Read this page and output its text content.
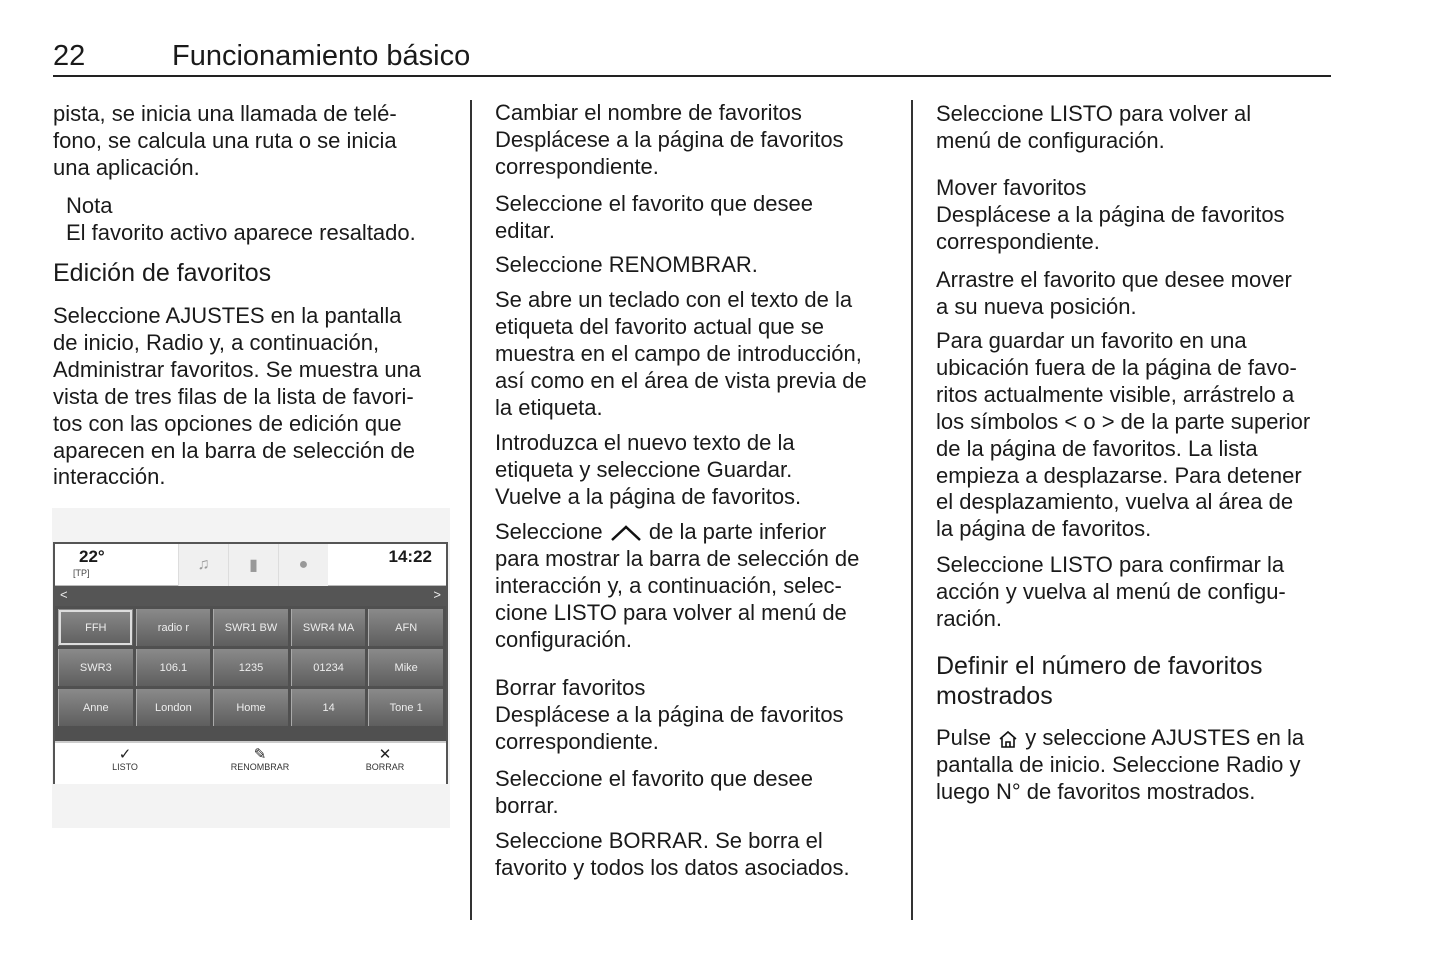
22	Funcionamiento básico
pista, se inicia una llamada de telé-
fono, se calcula una ruta o se inicia
una aplicación.
Nota
El favorito activo aparece resaltado.
Edición de favoritos
Seleccione AJUSTES en la pantalla
de inicio, Radio y, a continuación,
Administrar favoritos. Se muestra una
vista de tres filas de la lista de favori-
tos con las opciones de edición que
aparecen en la barra de selección de
interacción.
Cambiar el nombre de favoritos
Desplácese a la página de favoritos
correspondiente.
Seleccione el favorito que desee
editar.
Seleccione RENOMBRAR.
Se abre un teclado con el texto de la
etiqueta del favorito actual que se
muestra en el campo de introducción,
así como en el área de vista previa de
la etiqueta.
Introduzca el nuevo texto de la
etiqueta y seleccione Guardar.
Vuelve a la página de favoritos.
Seleccione
de la parte inferior
para mostrar la barra de selección de
interacción y, a continuación, selec-
cione LISTO para volver al menú de
configuración.
Borrar favoritos
Desplácese a la página de favoritos
correspondiente.
Seleccione el favorito que desee
borrar.
Seleccione BORRAR. Se borra el
favorito y todos los datos asociados.
Seleccione LISTO para volver al
menú de configuración.
Mover favoritos
Desplácese a la página de favoritos
correspondiente.
Arrastre el favorito que desee mover
a su nueva posición.
Para guardar un favorito en una
ubicación fuera de la página de favo-
ritos actualmente visible, arrástrelo a
los símbolos < o > de la parte superior
de la página de favoritos. La lista
empieza a desplazarse. Para detener
el desplazamiento, vuelva al área de
la página de favoritos.
Seleccione LISTO para confirmar la
acción y vuelva al menú de configu-
ración.
Definir el número de favoritos
mostrados
Pulse
y seleccione AJUSTES en la
pantalla de inicio. Seleccione Radio y
luego N° de favoritos mostrados.
22°
[TP]	♫	▮	●	14:22
<	>
FFH	radio r	SWR1 BW	SWR4 MA	AFN
SWR3	106.1	1235	01234	Mike
Anne	London	Home	14	Tone 1
✓
LISTO
✎
RENOMBRAR
✕
BORRAR
